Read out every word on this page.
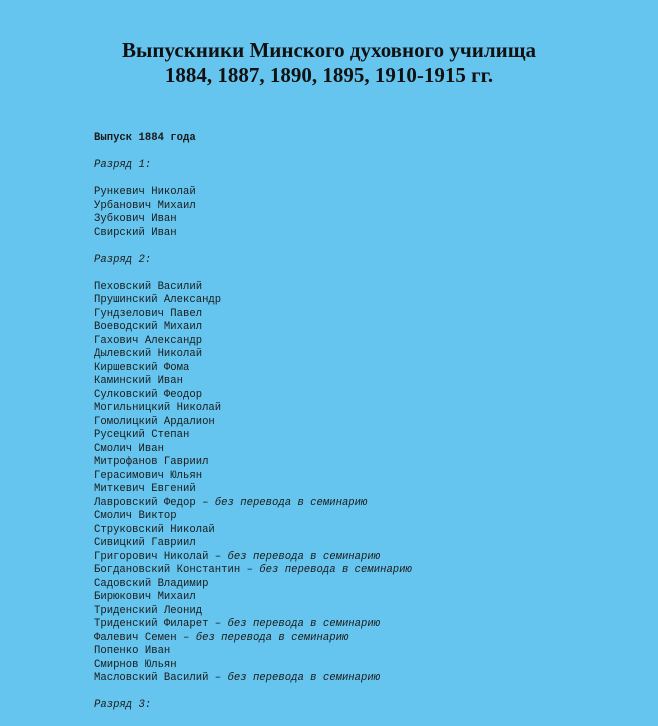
Выпускники Минского духовного училища
1884, 1887, 1890, 1895, 1910-1915 гг.
Выпуск 1884 года
Разряд 1:
Рункевич Николай
Урбанович Михаил
Зубкович Иван
Свирский Иван
Разряд 2:
Пеховский Василий
Прушинский Александр
Гундзелович Павел
Воеводский Михаил
Гахович Александр
Дылевский Николай
Киршевский Фома
Каминский Иван
Сулковский Феодор
Могильницкий Николай
Гомолицкий Ардалион
Русецкий Степан
Смолич Иван
Митрофанов Гавриил
Герасимович Юльян
Миткевич Евгений
Лавровский Федор – без перевода в семинарию
Смолич Виктор
Струковский Николай
Сивицкий Гавриил
Григорович Николай – без перевода в семинарию
Богдановский Константин – без перевода в семинарию
Садовский Владимир
Бирюкович Михаил
Триденский Леонид
Триденский Филарет – без перевода в семинарию
Фалевич Семен – без перевода в семинарию
Попенко Иван
Смирнов Юльян
Масловский Василий – без перевода в семинарию
Разряд 3:
